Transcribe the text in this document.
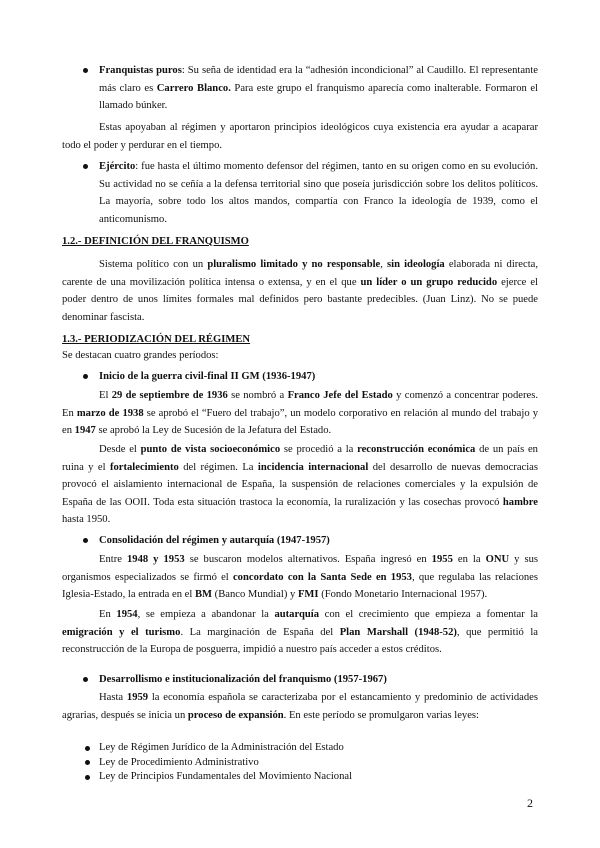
Franquistas puros: Su seña de identidad era la “adhesión incondicional” al Caudillo. El representante más claro es Carrero Blanco. Para este grupo el franquismo aparecía como inalterable. Formaron el llamado búnker.

Estas apoyaban al régimen y aportaron principios ideológicos cuya existencia era ayudar a acaparar todo el poder y perdurar en el tiempo.

Ejército: fue hasta el último momento defensor del régimen, tanto en su origen como en su evolución. Su actividad no se ceñía a la defensa territorial sino que poseía jurisdicción sobre los delitos políticos. La mayoría, sobre todo los altos mandos, compartía con Franco la ideología de 1939, como el anticomunismo.

1.2.- DEFINICIÓN DEL FRANQUISMO

Sistema político con un pluralismo limitado y no responsable, sin ideología elaborada ni directa, carente de una movilización política intensa o extensa, y en el que un líder o un grupo reducido ejerce el poder dentro de unos límites formales mal definidos pero bastante predecibles. (Juan Linz). No se puede denominar fascista.

1.3.- PERIODIZACIÓN DEL RÉGIMEN

Se destacan cuatro grandes períodos:

Inicio de la guerra civil-final II GM (1936-1947)

El 29 de septiembre de 1936 se nombró a Franco Jefe del Estado y comenzó a concentrar poderes. En marzo de 1938 se aprobó el “Fuero del trabajo”, un modelo corporativo en relación al mundo del trabajo y en 1947 se aprobó la Ley de Sucesión de la Jefatura del Estado.

Desde el punto de vista socioeconómico se procedió a la reconstrucción económica de un país en ruina y el fortalecimiento del régimen. La incidencia internacional del desarrollo de nuevas democracias provocó el aislamiento internacional de España, la suspensión de relaciones comerciales y la expulsión de España de las OOII. Toda esta situación trastoca la economía, la ruralización y las cosechas provocó hambre hasta 1950.

Consolidación del régimen y autarquía (1947-1957)

Entre 1948 y 1953 se buscaron modelos alternativos. España ingresó en 1955 en la ONU y sus organismos especializados se firmó el concordato con la Santa Sede en 1953, que regulaba las relaciones Iglesia-Estado, la entrada en el BM (Banco Mundial) y FMI (Fondo Monetario Internacional 1957).

En 1954, se empieza a abandonar la autarquía con el crecimiento que empieza a fomentar la emigración y el turismo. La marginación de España del Plan Marshall (1948-52), que permitió la reconstrucción de la Europa de posguerra, impidió a nuestro país acceder a estos créditos.

Desarrollismo e institucionalización del franquismo (1957-1967)

Hasta 1959 la economía española se caracterizaba por el estancamiento y predominio de actividades agrarias, después se inicia un proceso de expansión. En este período se promulgaron varias leyes:

Ley de Régimen Jurídico de la Administración del Estado
Ley de Procedimiento Administrativo
Ley de Principios Fundamentales del Movimiento Nacional

2
